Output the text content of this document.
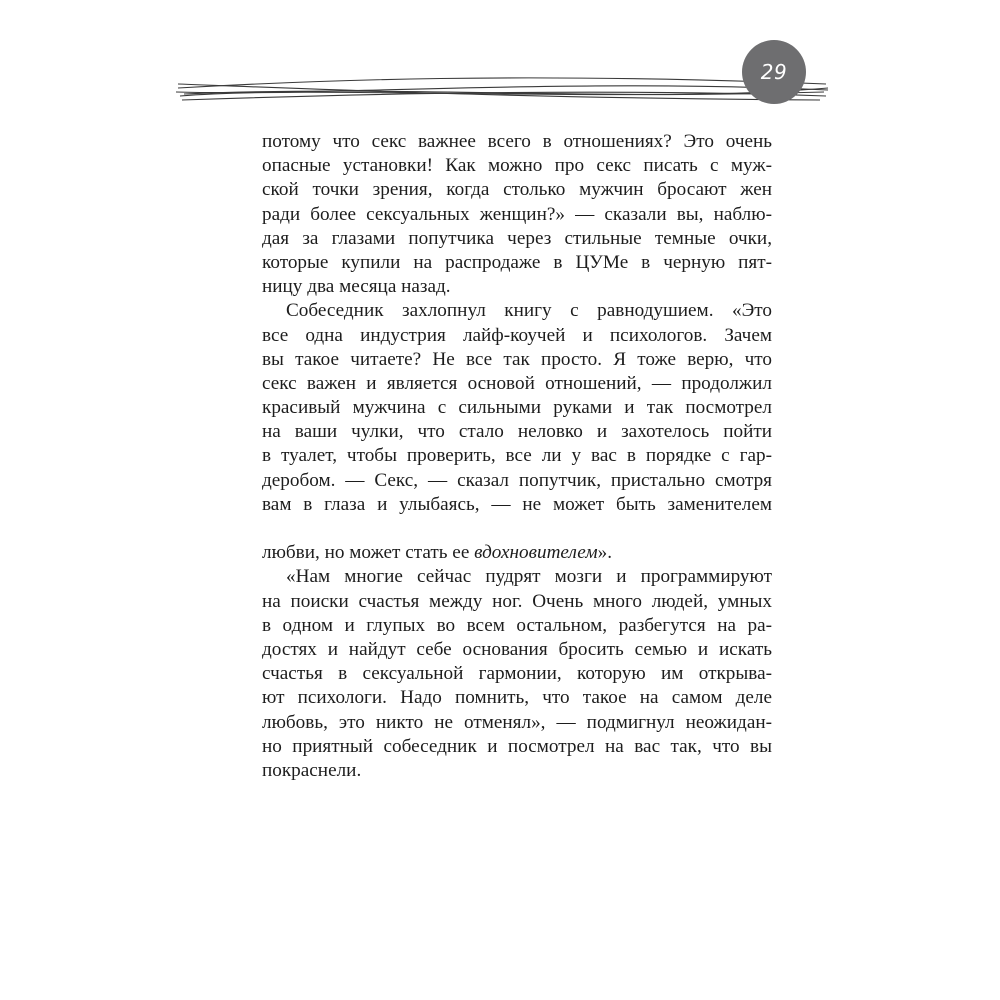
29
потому что секс важнее всего в отношениях? Это очень
опасные установки! Как можно про секс писать с муж-
ской точки зрения, когда столько мужчин бросают жен
ради более сексуальных женщин?» — сказали вы, наблю-
дая за глазами попутчика через стильные темные очки,
которые купили на распродаже в ЦУМе в черную пят-
ницу два месяца назад.
Собеседник захлопнул книгу с равнодушием. «Это
все одна индустрия лайф-коучей и психологов. Зачем
вы такое читаете? Не все так просто. Я тоже верю, что
секс важен и является основой отношений, — продолжил
красивый мужчина с сильными руками и так посмотрел
на ваши чулки, что стало неловко и захотелось пойти
в туалет, чтобы проверить, все ли у вас в порядке с гар-
деробом. — Секс, — сказал попутчик, пристально смотря
вам в глаза и улыбаясь, — не может быть заменителем
любви, но может стать ее вдохновителем».
«Нам многие сейчас пудрят мозги и программируют
на поиски счастья между ног. Очень много людей, умных
в одном и глупых во всем остальном, разбегутся на ра-
достях и найдут себе основания бросить семью и искать
счастья в сексуальной гармонии, которую им открыва-
ют психологи. Надо помнить, что такое на самом деле
любовь, это никто не отменял», — подмигнул неожидан-
но приятный собеседник и посмотрел на вас так, что вы
покраснели.
